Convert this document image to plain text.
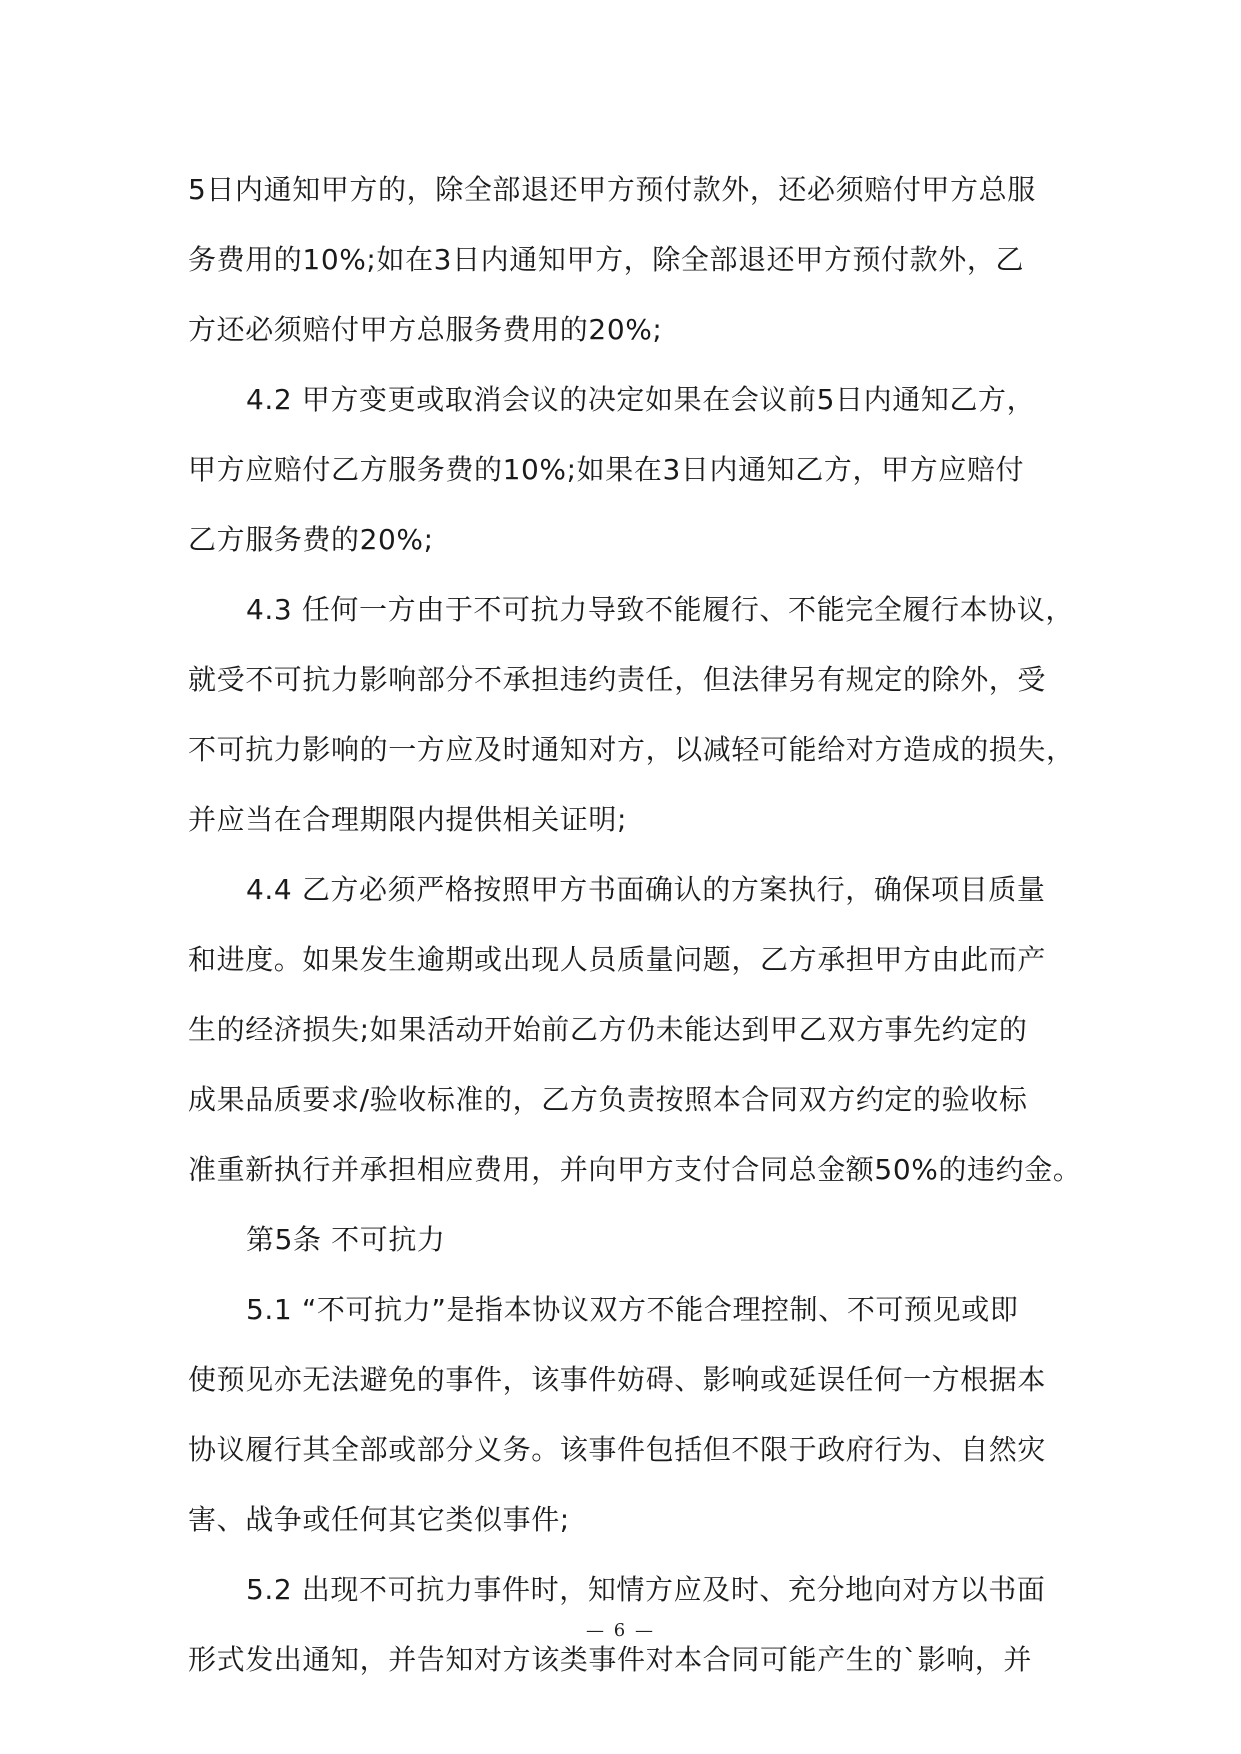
5日内通知甲方的，除全部退还甲方预付款外，还必须赔付甲方总服
务费用的10%;如在3日内通知甲方，除全部退还甲方预付款外，乙
方还必须赔付甲方总服务费用的20%;
4.2 甲方变更或取消会议的决定如果在会议前5日内通知乙方，
甲方应赔付乙方服务费的10%;如果在3日内通知乙方，甲方应赔付
乙方服务费的20%;
4.3 任何一方由于不可抗力导致不能履行、不能完全履行本协议，
就受不可抗力影响部分不承担违约责任，但法律另有规定的除外，受
不可抗力影响的一方应及时通知对方，以减轻可能给对方造成的损失，
并应当在合理期限内提供相关证明;
4.4 乙方必须严格按照甲方书面确认的方案执行，确保项目质量
和进度。如果发生逾期或出现人员质量问题，乙方承担甲方由此而产
生的经济损失;如果活动开始前乙方仍未能达到甲乙双方事先约定的
成果品质要求/验收标准的，乙方负责按照本合同双方约定的验收标
准重新执行并承担相应费用，并向甲方支付合同总金额50%的违约金。
第5条 不可抗力
5.1 “不可抗力”是指本协议双方不能合理控制、不可预见或即
使预见亦无法避免的事件，该事件妨碍、影响或延误任何一方根据本
协议履行其全部或部分义务。该事件包括但不限于政府行为、自然灾
害、战争或任何其它类似事件;
5.2 出现不可抗力事件时，知情方应及时、充分地向对方以书面
形式发出通知，并告知对方该类事件对本合同可能产生的`影响，并
— 6 —
